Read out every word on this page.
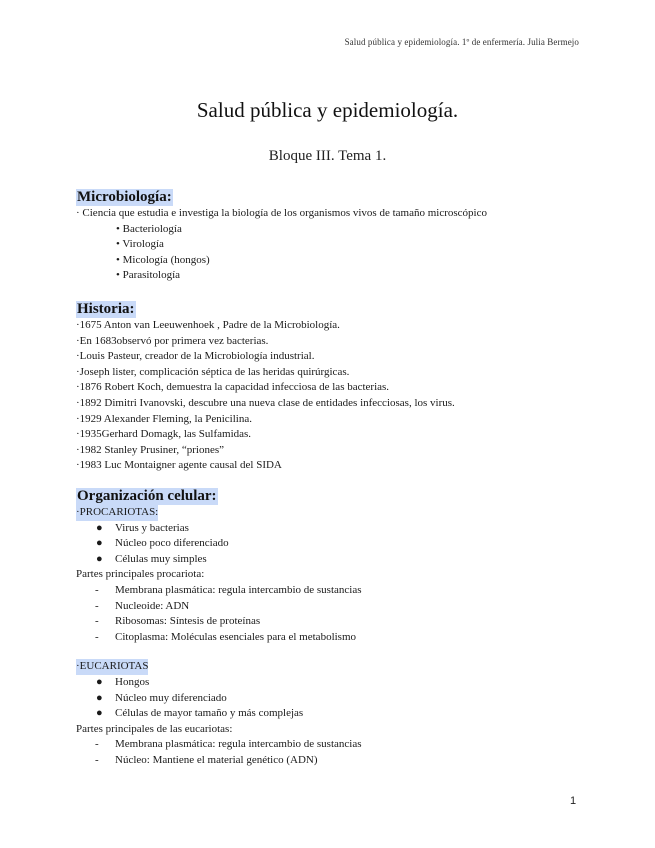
Salud pública y epidemiología. 1º de enfermería. Julia Bermejo
Salud pública y epidemiología.
Bloque III. Tema 1.
Microbiología:
· Ciencia que estudia e investiga la biología de los organismos vivos de tamaño microscópico
• Bacteriología
• Virología
• Micología (hongos)
• Parasitología
Historia:
·1675 Anton van Leeuwenhoek , Padre de la Microbiología.
·En 1683observó por primera vez bacterias.
·Louis Pasteur, creador de la Microbiología industrial.
·Joseph lister, complicación séptica de las heridas quirúrgicas.
·1876 Robert Koch, demuestra la capacidad infecciosa de las bacterias.
·1892 Dimitri Ivanovski, descubre una nueva clase de entidades infecciosas, los virus.
·1929 Alexander Fleming, la Penicilina.
·1935Gerhard Domagk, las Sulfamidas.
·1982 Stanley Prusiner, “priones”
·1983 Luc Montaigner agente causal del SIDA
Organización celular:
·PROCARIOTAS:
● Virus y bacterias
● Núcleo poco diferenciado
● Células muy simples
Partes principales procariota:
- Membrana plasmática: regula intercambio de sustancias
- Nucleoide: ADN
- Ribosomas: Síntesis de proteínas
- Citoplasma: Moléculas esenciales para el metabolismo
·EUCARIOTAS
● Hongos
● Núcleo muy diferenciado
● Células de mayor tamaño y más complejas
Partes principales de las eucariotas:
- Membrana plasmática: regula intercambio de sustancias
- Núcleo: Mantiene el material genético (ADN)
1
